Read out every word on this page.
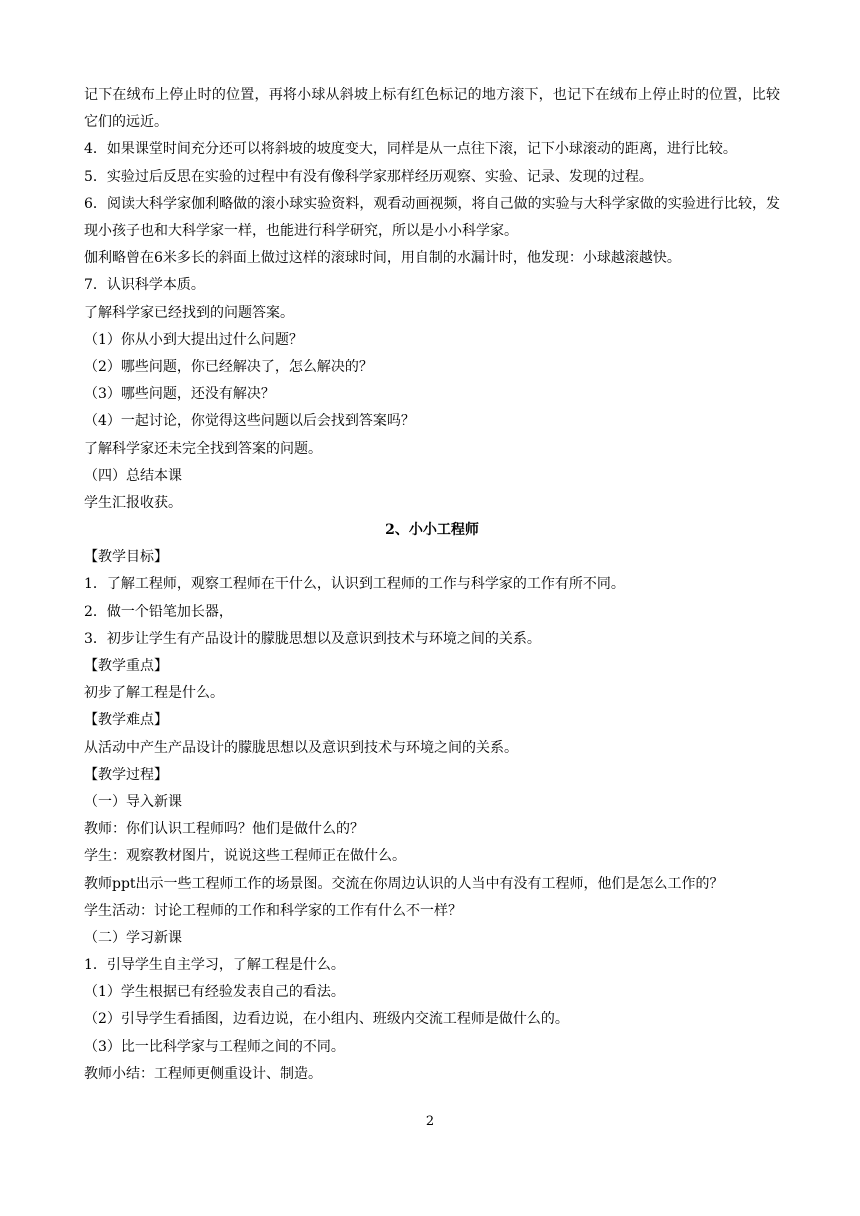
记下在绒布上停止时的位置，再将小球从斜坡上标有红色标记的地方滚下，也记下在绒布上停止时的位置，比较它们的远近。
4．如果课堂时间充分还可以将斜坡的坡度变大，同样是从一点往下滚，记下小球滚动的距离，进行比较。
5．实验过后反思在实验的过程中有没有像科学家那样经历观察、实验、记录、发现的过程。
6．阅读大科学家伽利略做的滚小球实验资料，观看动画视频，将自己做的实验与大科学家做的实验进行比较，发现小孩子也和大科学家一样，也能进行科学研究，所以是小小科学家。
伽利略曾在6米多长的斜面上做过这样的滚球时间，用自制的水漏计时，他发现：小球越滚越快。
7．认识科学本质。
了解科学家已经找到的问题答案。
（1）你从小到大提出过什么问题？
（2）哪些问题，你已经解决了，怎么解决的？
（3）哪些问题，还没有解决？
（4）一起讨论，你觉得这些问题以后会找到答案吗？
了解科学家还未完全找到答案的问题。
（四）总结本课
学生汇报收获。
2、小小工程师
【教学目标】
1．了解工程师，观察工程师在干什么，认识到工程师的工作与科学家的工作有所不同。
2．做一个铅笔加长器，
3．初步让学生有产品设计的朦胧思想以及意识到技术与环境之间的关系。
【教学重点】
初步了解工程是什么。
【教学难点】
从活动中产生产品设计的朦胧思想以及意识到技术与环境之间的关系。
【教学过程】
（一）导入新课
教师：你们认识工程师吗？他们是做什么的？
学生：观察教材图片，说说这些工程师正在做什么。
教师ppt出示一些工程师工作的场景图。交流在你周边认识的人当中有没有工程师，他们是怎么工作的？
学生活动：讨论工程师的工作和科学家的工作有什么不一样？
（二）学习新课
1．引导学生自主学习，了解工程是什么。
（1）学生根据已有经验发表自己的看法。
（2）引导学生看插图，边看边说，在小组内、班级内交流工程师是做什么的。
（3）比一比科学家与工程师之间的不同。
教师小结：工程师更侧重设计、制造。
2
